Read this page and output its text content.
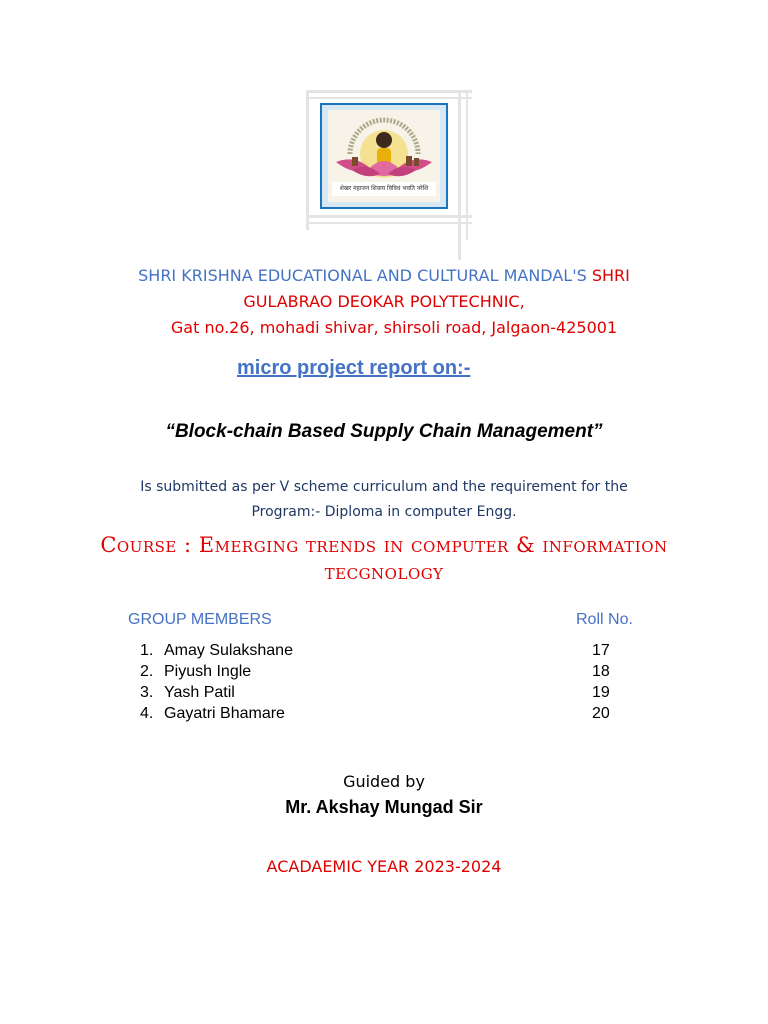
शेखर महाजन शिवाय विविधं भवति नरेशि
SHRI KRISHNA EDUCATIONAL AND CULTURAL MANDAL'S SHRI
GULABRAO DEOKAR POLYTECHNIC,
Gat no.26, mohadi shivar, shirsoli road, Jalgaon-425001
micro project report on:-
“Block-chain Based Supply Chain Management”
Is submitted as per V scheme curriculum and the requirement for the
Program:- Diploma in computer Engg.
Course : Emerging trends in computer & information
tecgnology
GROUP MEMBERS	Roll No.
1. Amay Sulakshane	17
2. Piyush Ingle	18
3. Yash Patil	19
4. Gayatri Bhamare	20
Guided by
Mr. Akshay Mungad Sir
ACADAEMIC YEAR 2023-2024
